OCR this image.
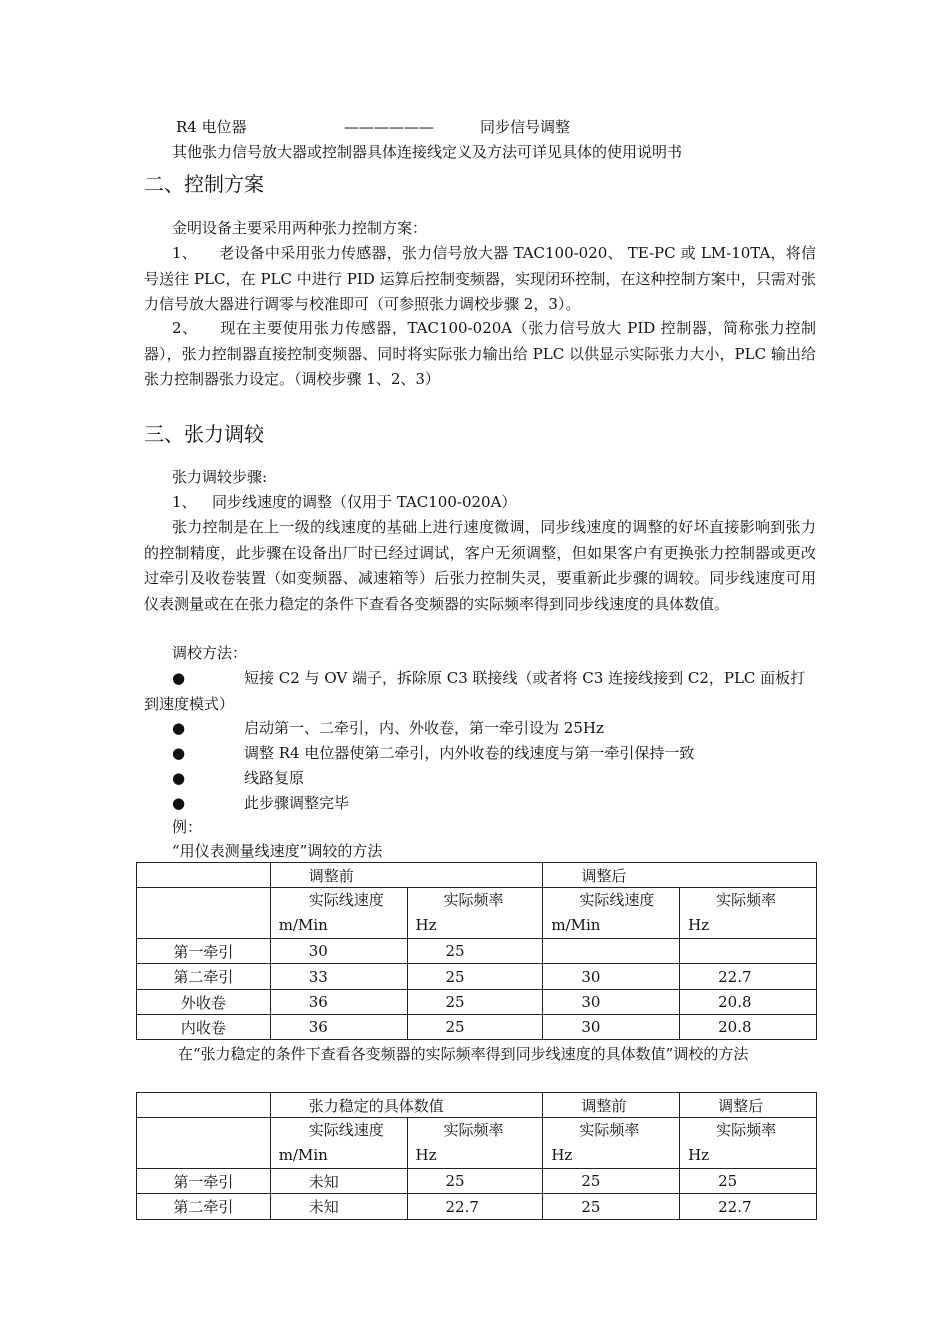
R4 电位器	——————	同步信号调整
其他张力信号放大器或控制器具体连接线定义及方法可详见具体的使用说明书
二、控制方案
金明设备主要采用两种张力控制方案：
1、 老设备中采用张力传感器，张力信号放大器 TAC100-020、 TE-PC 或 LM-10TA，将信号送往 PLC，在 PLC 中进行 PID 运算后控制变频器，实现闭环控制，在这种控制方案中，只需对张力信号放大器进行调零与校准即可（可参照张力调校步骤 2，3）。
2、 现在主要使用张力传感器，TAC100-020A（张力信号放大 PID 控制器，简称张力控制器），张力控制器直接控制变频器、同时将实际张力输出给 PLC 以供显示实际张力大小，PLC 输出给张力控制器张力设定。（调校步骤 1、2、3）
三、张力调较
张力调较步骤:
1、 同步线速度的调整（仅用于 TAC100-020A）
张力控制是在上一级的线速度的基础上进行速度微调，同步线速度的调整的好坏直接影响到张力的控制精度，此步骤在设备出厂时已经过调试，客户无须调整，但如果客户有更换张力控制器或更改过牵引及收卷装置（如变频器、减速箱等）后张力控制失灵，要重新此步骤的调较。同步线速度可用仪表测量或在在张力稳定的条件下查看各变频器的实际频率得到同步线速度的具体数值。
调校方法：
●	短接 C2 与 OV 端子，拆除原 C3 联接线（或者将 C3 连接线接到 C2，PLC 面板打到速度模式）
●	启动第一、二牵引，内、外收卷，第一牵引设为 25Hz
●	调整 R4 电位器使第二牵引，内外收卷的线速度与第一牵引保持一致
●	线路复原
●	此步骤调整完毕
例：
“用仪表测量线速度”调较的方法
	调整前		调整后	

	实际线速度
m/Min	实际频率
Hz	实际线速度
m/Min	实际频率
Hz

第一牵引	30	25		
第二牵引	33	25	30	22.7
外收卷	36	25	30	20.8
内收卷	36	25	30	20.8
在“张力稳定的条件下查看各变频器的实际频率得到同步线速度的具体数值”调校的方法
	张力稳定的具体数值		调整前	调整后

	实际线速度
m/Min	实际频率
Hz	实际频率
Hz	实际频率
Hz

第一牵引	未知	25	25	25
第二牵引	未知	22.7	25	22.7
